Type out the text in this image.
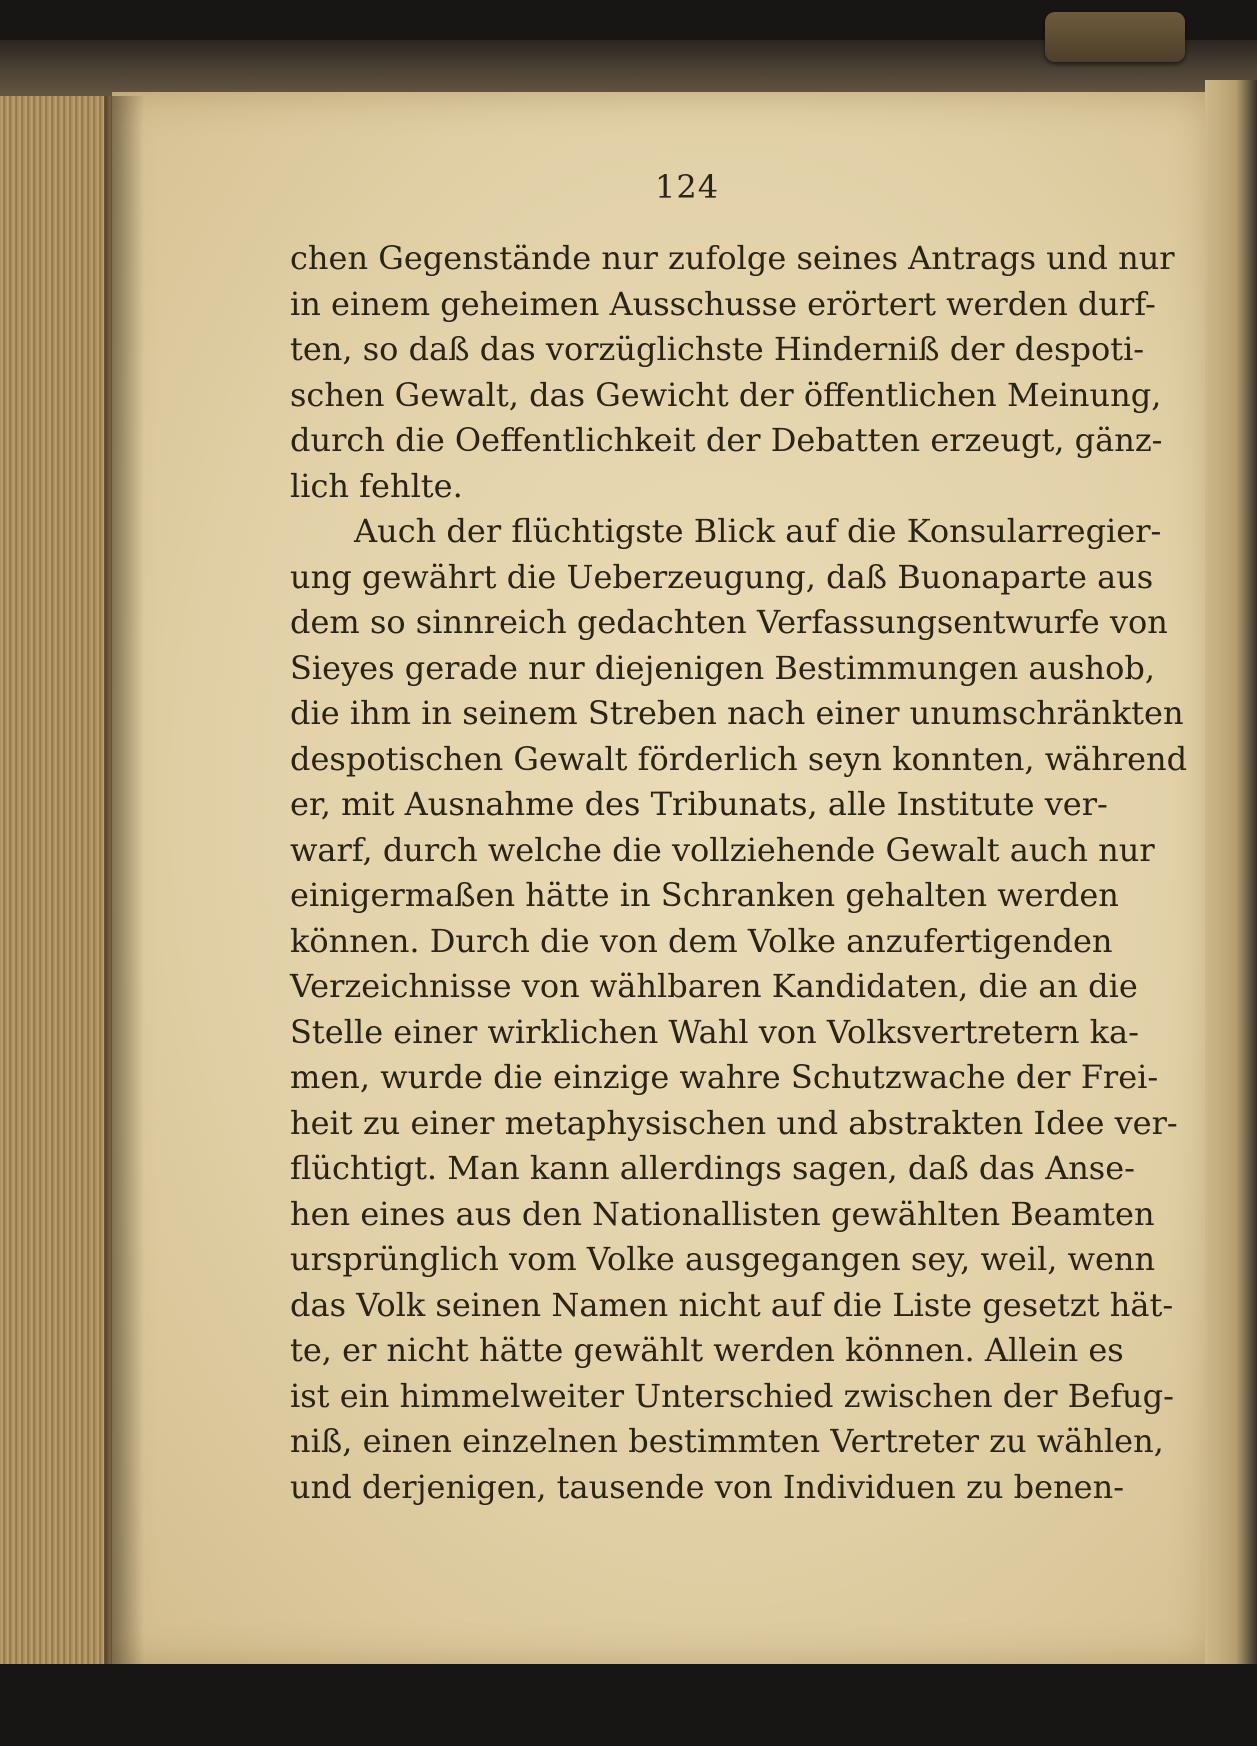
124
chen Gegenstände nur zufolge seines Antrags und nur
in einem geheimen Ausschusse erörtert werden durf-
ten, so daß das vorzüglichste Hinderniß der despoti-
schen Gewalt, das Gewicht der öffentlichen Meinung,
durch die Oeffentlichkeit der Debatten erzeugt, gänz-
lich fehlte.
Auch der flüchtigste Blick auf die Konsularregier-
ung gewährt die Ueberzeugung, daß Buonaparte aus
dem so sinnreich gedachten Verfassungsentwurfe von
Sieyes gerade nur diejenigen Bestimmungen aushob,
die ihm in seinem Streben nach einer unumschränkten
despotischen Gewalt förderlich seyn konnten, während
er, mit Ausnahme des Tribunats, alle Institute ver-
warf, durch welche die vollziehende Gewalt auch nur
einigermaßen hätte in Schranken gehalten werden
können. Durch die von dem Volke anzufertigenden
Verzeichnisse von wählbaren Kandidaten, die an die
Stelle einer wirklichen Wahl von Volksvertretern ka-
men, wurde die einzige wahre Schutzwache der Frei-
heit zu einer metaphysischen und abstrakten Idee ver-
flüchtigt. Man kann allerdings sagen, daß das Anse-
hen eines aus den Nationallisten gewählten Beamten
ursprünglich vom Volke ausgegangen sey, weil, wenn
das Volk seinen Namen nicht auf die Liste gesetzt hät-
te, er nicht hätte gewählt werden können. Allein es
ist ein himmelweiter Unterschied zwischen der Befug-
niß, einen einzelnen bestimmten Vertreter zu wählen,
und derjenigen, tausende von Individuen zu benen-
